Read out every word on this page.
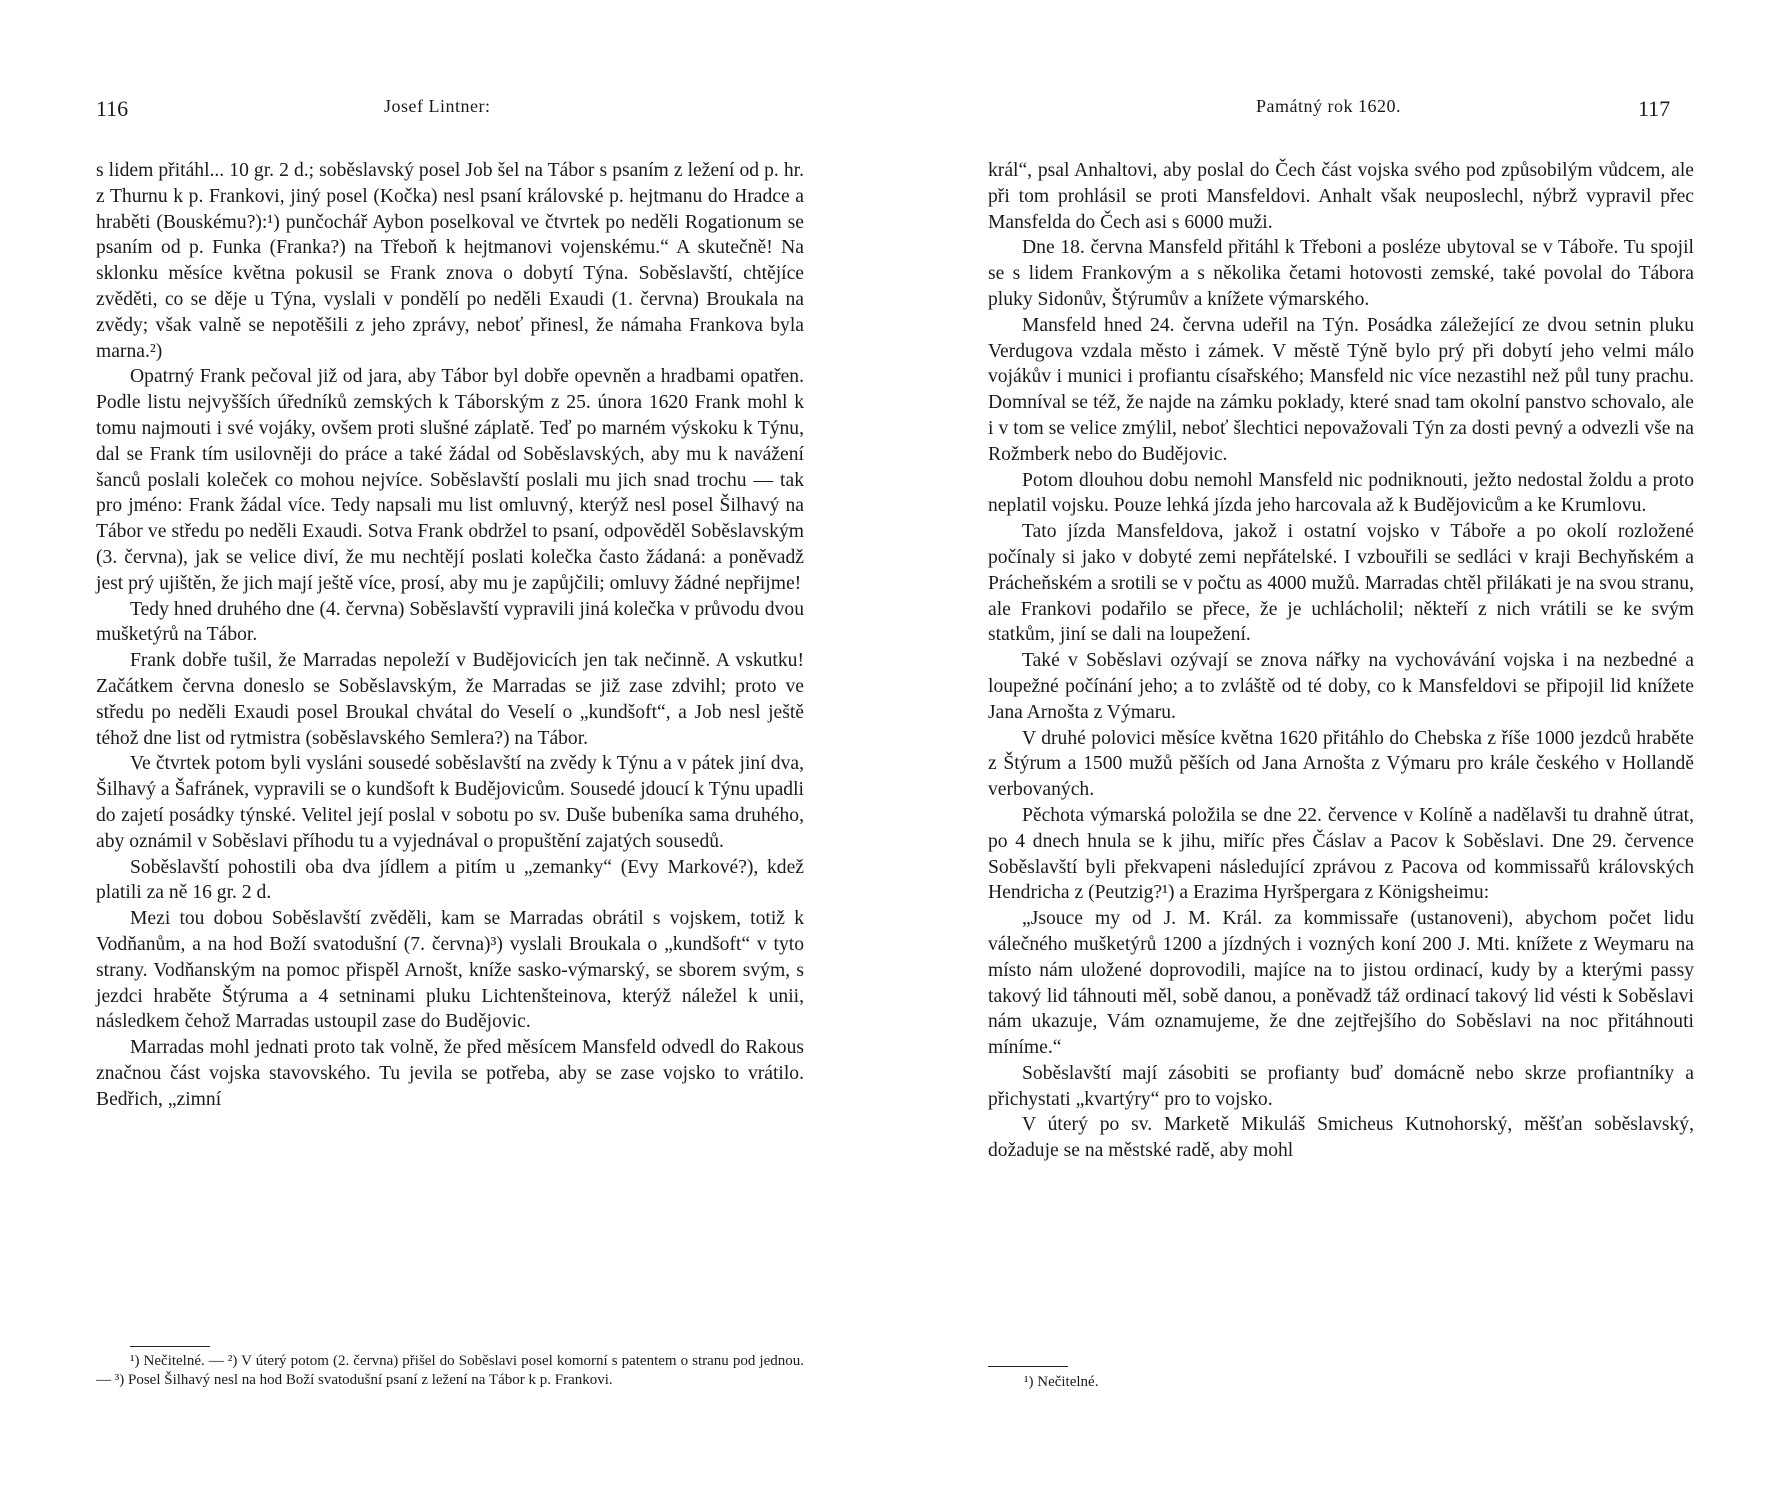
116	Josef Lintner:

s lidem přitáhl... 10 gr. 2 d.; soběslavský posel Job šel na Tábor s psaním z ležení od p. hr. z Thurnu k p. Frankovi, jiný posel (Kočka) nesl psaní královské p. hejtmanu do Hradce a hraběti (Bouskému?):¹) punčochář Aybon poselkoval ve čtvrtek po neděli Rogationum se psaním od p. Funka (Franka?) na Třeboň k hejtmanovi vojenskému.“ A skutečně! Na sklonku měsíce května pokusil se Frank znova o dobytí Týna. Soběslavští, chtějíce zvěděti, co se děje u Týna, vyslali v pondělí po neděli Exaudi (1. června) Broukala na zvědy; však valně se nepotěšili z jeho zprávy, neboť přinesl, že námaha Frankova byla marna.²)

Opatrný Frank pečoval již od jara, aby Tábor byl dobře opevněn a hradbami opatřen. Podle listu nejvyšších úředníků zemských k Táborským z 25. února 1620 Frank mohl k tomu najmouti i své vojáky, ovšem proti slušné záplatě. Teď po marném výskoku k Týnu, dal se Frank tím usilovněji do práce a také žádal od Soběslavských, aby mu k navážení šanců poslali koleček co mohou nejvíce. Soběslavští poslali mu jich snad trochu — tak pro jméno: Frank žádal více. Tedy napsali mu list omluvný, kterýž nesl posel Šilhavý na Tábor ve středu po neděli Exaudi. Sotva Frank obdržel to psaní, odpověděl Soběslavským (3. června), jak se velice diví, že mu nechtějí poslati kolečka často žádaná: a poněvadž jest prý ujištěn, že jich mají ještě více, prosí, aby mu je zapůjčili; omluvy žádné nepřijme!

Tedy hned druhého dne (4. června) Soběslavští vypravili jiná kolečka v průvodu dvou mušketýrů na Tábor.

Frank dobře tušil, že Marradas nepoleží v Budějovicích jen tak nečinně. A vskutku! Začátkem června doneslo se Soběslavským, že Marradas se již zase zdvihl; proto ve středu po neděli Exaudi posel Broukal chvátal do Veselí o „kundšoft“, a Job nesl ještě téhož dne list od rytmistra (soběslavského Semlera?) na Tábor.

Ve čtvrtek potom byli vysláni sousedé soběslavští na zvědy k Týnu a v pátek jiní dva, Šilhavý a Šafránek, vypravili se o kundšoft k Budějovicům. Sousedé jdoucí k Týnu upadli do zajetí posádky týnské. Velitel její poslal v sobotu po sv. Duše bubeníka sama druhého, aby oznámil v Soběslavi příhodu tu a vyjednával o propuštění zajatých sousedů.

Soběslavští pohostili oba dva jídlem a pitím u „zemanky“ (Evy Markové?), kdež platili za ně 16 gr. 2 d.

Mezi tou dobou Soběslavští zvěděli, kam se Marradas obrátil s vojskem, totiž k Vodňanům, a na hod Boží svatodušní (7. června)³) vyslali Broukala o „kundšoft“ v tyto strany. Vodňanským na pomoc přispěl Arnošt, kníže sasko-výmarský, se sborem svým, s jezdci hraběte Štýruma a 4 setninami pluku Lichtenšteinova, kterýž náležel k unii, následkem čehož Marradas ustoupil zase do Budějovic.

Marradas mohl jednati proto tak volně, že před měsícem Mansfeld odvedl do Rakous značnou část vojska stavovského. Tu jevila se potřeba, aby se zase vojsko to vrátilo. Bedřich, „zimní

¹) Nečitelné. — ²) V úterý potom (2. června) přišel do Soběslavi posel komorní s patentem o stranu pod jednou. — ³) Posel Šilhavý nesl na hod Boží svatodušní psaní z ležení na Tábor k p. Frankovi.

Památný rok 1620.	117

král“, psal Anhaltovi, aby poslal do Čech část vojska svého pod způsobilým vůdcem, ale při tom prohlásil se proti Mansfeldovi. Anhalt však neuposlechl, nýbrž vypravil přec Mansfelda do Čech asi s 6000 muži.

Dne 18. června Mansfeld přitáhl k Třeboni a posléze ubytoval se v Táboře. Tu spojil se s lidem Frankovým a s několika četami hotovosti zemské, také povolal do Tábora pluky Sidonův, Štýrumův a knížete výmarského.

Mansfeld hned 24. června udeřil na Týn. Posádka záležející ze dvou setnin pluku Verdugova vzdala město i zámek. V městě Týně bylo prý při dobytí jeho velmi málo vojákův i munici i profiantu císařského; Mansfeld nic více nezastihl než půl tuny prachu. Domníval se též, že najde na zámku poklady, které snad tam okolní panstvo schovalo, ale i v tom se velice zmýlil, neboť šlechtici nepovažovali Týn za dosti pevný a odvezli vše na Rožmberk nebo do Budějovic.

Potom dlouhou dobu nemohl Mansfeld nic podniknouti, ježto nedostal žoldu a proto neplatil vojsku. Pouze lehká jízda jeho harcovala až k Budějovicům a ke Krumlovu.

Tato jízda Mansfeldova, jakož i ostatní vojsko v Táboře a po okolí rozložené počínaly si jako v dobyté zemi nepřátelské. I vzbouřili se sedláci v kraji Bechyňském a Prácheňském a srotili se v počtu as 4000 mužů. Marradas chtěl přilákati je na svou stranu, ale Frankovi podařilo se přece, že je uchlácholil; někteří z nich vrátili se ke svým statkům, jiní se dali na loupežení.

Také v Soběslavi ozývají se znova nářky na vychovávání vojska i na nezbedné a loupežné počínání jeho; a to zvláště od té doby, co k Mansfeldovi se připojil lid knížete Jana Arnošta z Výmaru.

V druhé polovici měsíce května 1620 přitáhlo do Chebska z říše 1000 jezdců hraběte z Štýrum a 1500 mužů pěších od Jana Arnošta z Výmaru pro krále českého v Hollandě verbovaných.

Pěchota výmarská položila se dne 22. července v Kolíně a nadělavši tu drahně útrat, po 4 dnech hnula se k jihu, miříc přes Čáslav a Pacov k Soběslavi. Dne 29. července Soběslavští byli překvapeni následující zprávou z Pacova od kommissařů královských Hendricha z (Peutzig?¹) a Erazima Hyršpergara z Königsheimu:

„Jsouce my od J. M. Král. za kommissaře (ustanoveni), abychom počet lidu válečného mušketýrů 1200 a jízdných i vozných koní 200 J. Mti. knížete z Weymaru na místo nám uložené doprovodili, majíce na to jistou ordinací, kudy by a kterými passy takový lid táhnouti měl, sobě danou, a poněvadž táž ordinací takový lid vésti k Soběslavi nám ukazuje, Vám oznamujeme, že dne zejtřejšího do Soběslavi na noc přitáhnouti míníme.“

Soběslavští mají zásobiti se profianty buď domácně nebo skrze profiantníky a přichystati „kvartýry“ pro to vojsko.

V úterý po sv. Marketě Mikuláš Smicheus Kutnohorský, měšťan soběslavský, dožaduje se na městské radě, aby mohl

¹) Nečitelné.
